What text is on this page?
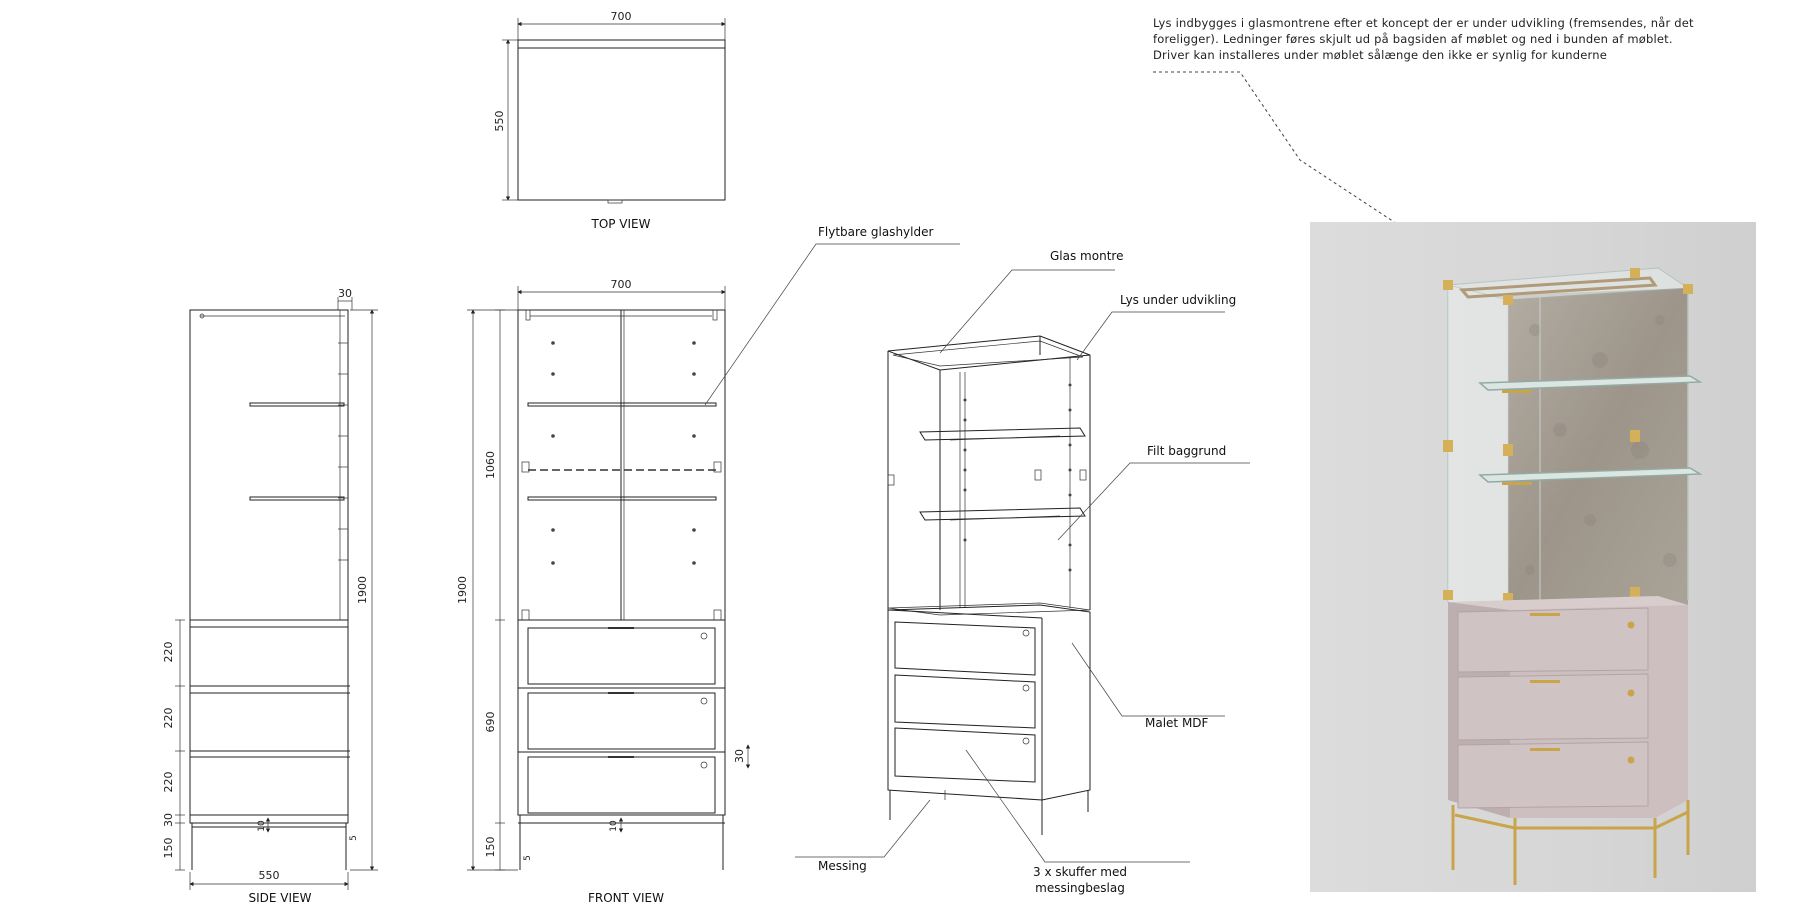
700
550
TOP VIEW
30
220
220
220
30
150
1900
10
5
550
SIDE VIEW
700
1900
1060
690
150
10
5
30
FRONT VIEW
Flytbare glashylder
Glas montre
Lys under udvikling
Filt baggrund
Malet MDF
Messing	3 x skuffer med
messingbeslag
Lys indbygges i glasmontrene efter et koncept der er under udvikling (fremsendes, når det
foreligger). Ledninger føres skjult ud på bagsiden af møblet og ned i bunden af møblet.
Driver kan installeres under møblet sålænge den ikke er synlig for kunderne
